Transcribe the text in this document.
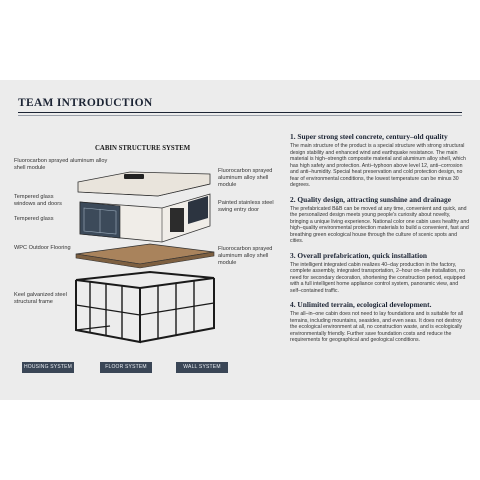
TEAM INTRODUCTION
CABIN STRUCTURE SYSTEM
Fluorocarbon sprayed aluminum alloy shell module
Tempered glass windows and doors
Tempered glass
WPC Outdoor Flooring
Keel galvanized steel structural frame
Fluorocarbon sprayed aluminum alloy shell module
Painted stainless steel swing entry door
Fluorocarbon sprayed aluminum alloy shell module
HOUSING SYSTEM	FLOOR SYSTEM	WALL SYSTEM
1. Super strong steel concrete, century–old quality
The main structure of the product is a special structure with strong structural design stability and enhanced wind and earthquake resistance. The main material is high–strength composite material and aluminum alloy shell, which has high safety and protection. Anti–typhoon above level 12, anti–corrosion and anti–humidity. Special heat preservation and cold protection design, no fear of environmental conditions, the lowest temperature can be minus 30 degrees.
2. Quality design, attracting sunshine and drainage
The prefabricated B&B can be moved at any time, convenient and quick, and the personalized design meets young people's curiosity about novelty, bringing a unique living experience. National color one cabin uses healthy and high–quality environmental protection materials to build a convenient, fast and breathing green ecological house through the culture of scenic spots and cities.
3. Overall prefabrication, quick installation
The intelligent integrated cabin realizes 40–day production in the factory, complete assembly, integrated transportation, 2–hour on–site installation, no need for secondary decoration, shortening the construction period, equipped with a full intelligent home appliance control system, panoramic view, and self–contained traffic.
4. Unlimited terrain, ecological development.
The all–in–one cabin does not need to lay foundations and is suitable for all terrains, including mountains, seasides, and even seas. It does not destroy the ecological environment at all, no construction waste, and is ecologically environmentally friendly. Further save foundation costs and reduce the requirements for geographical and geological conditions.
